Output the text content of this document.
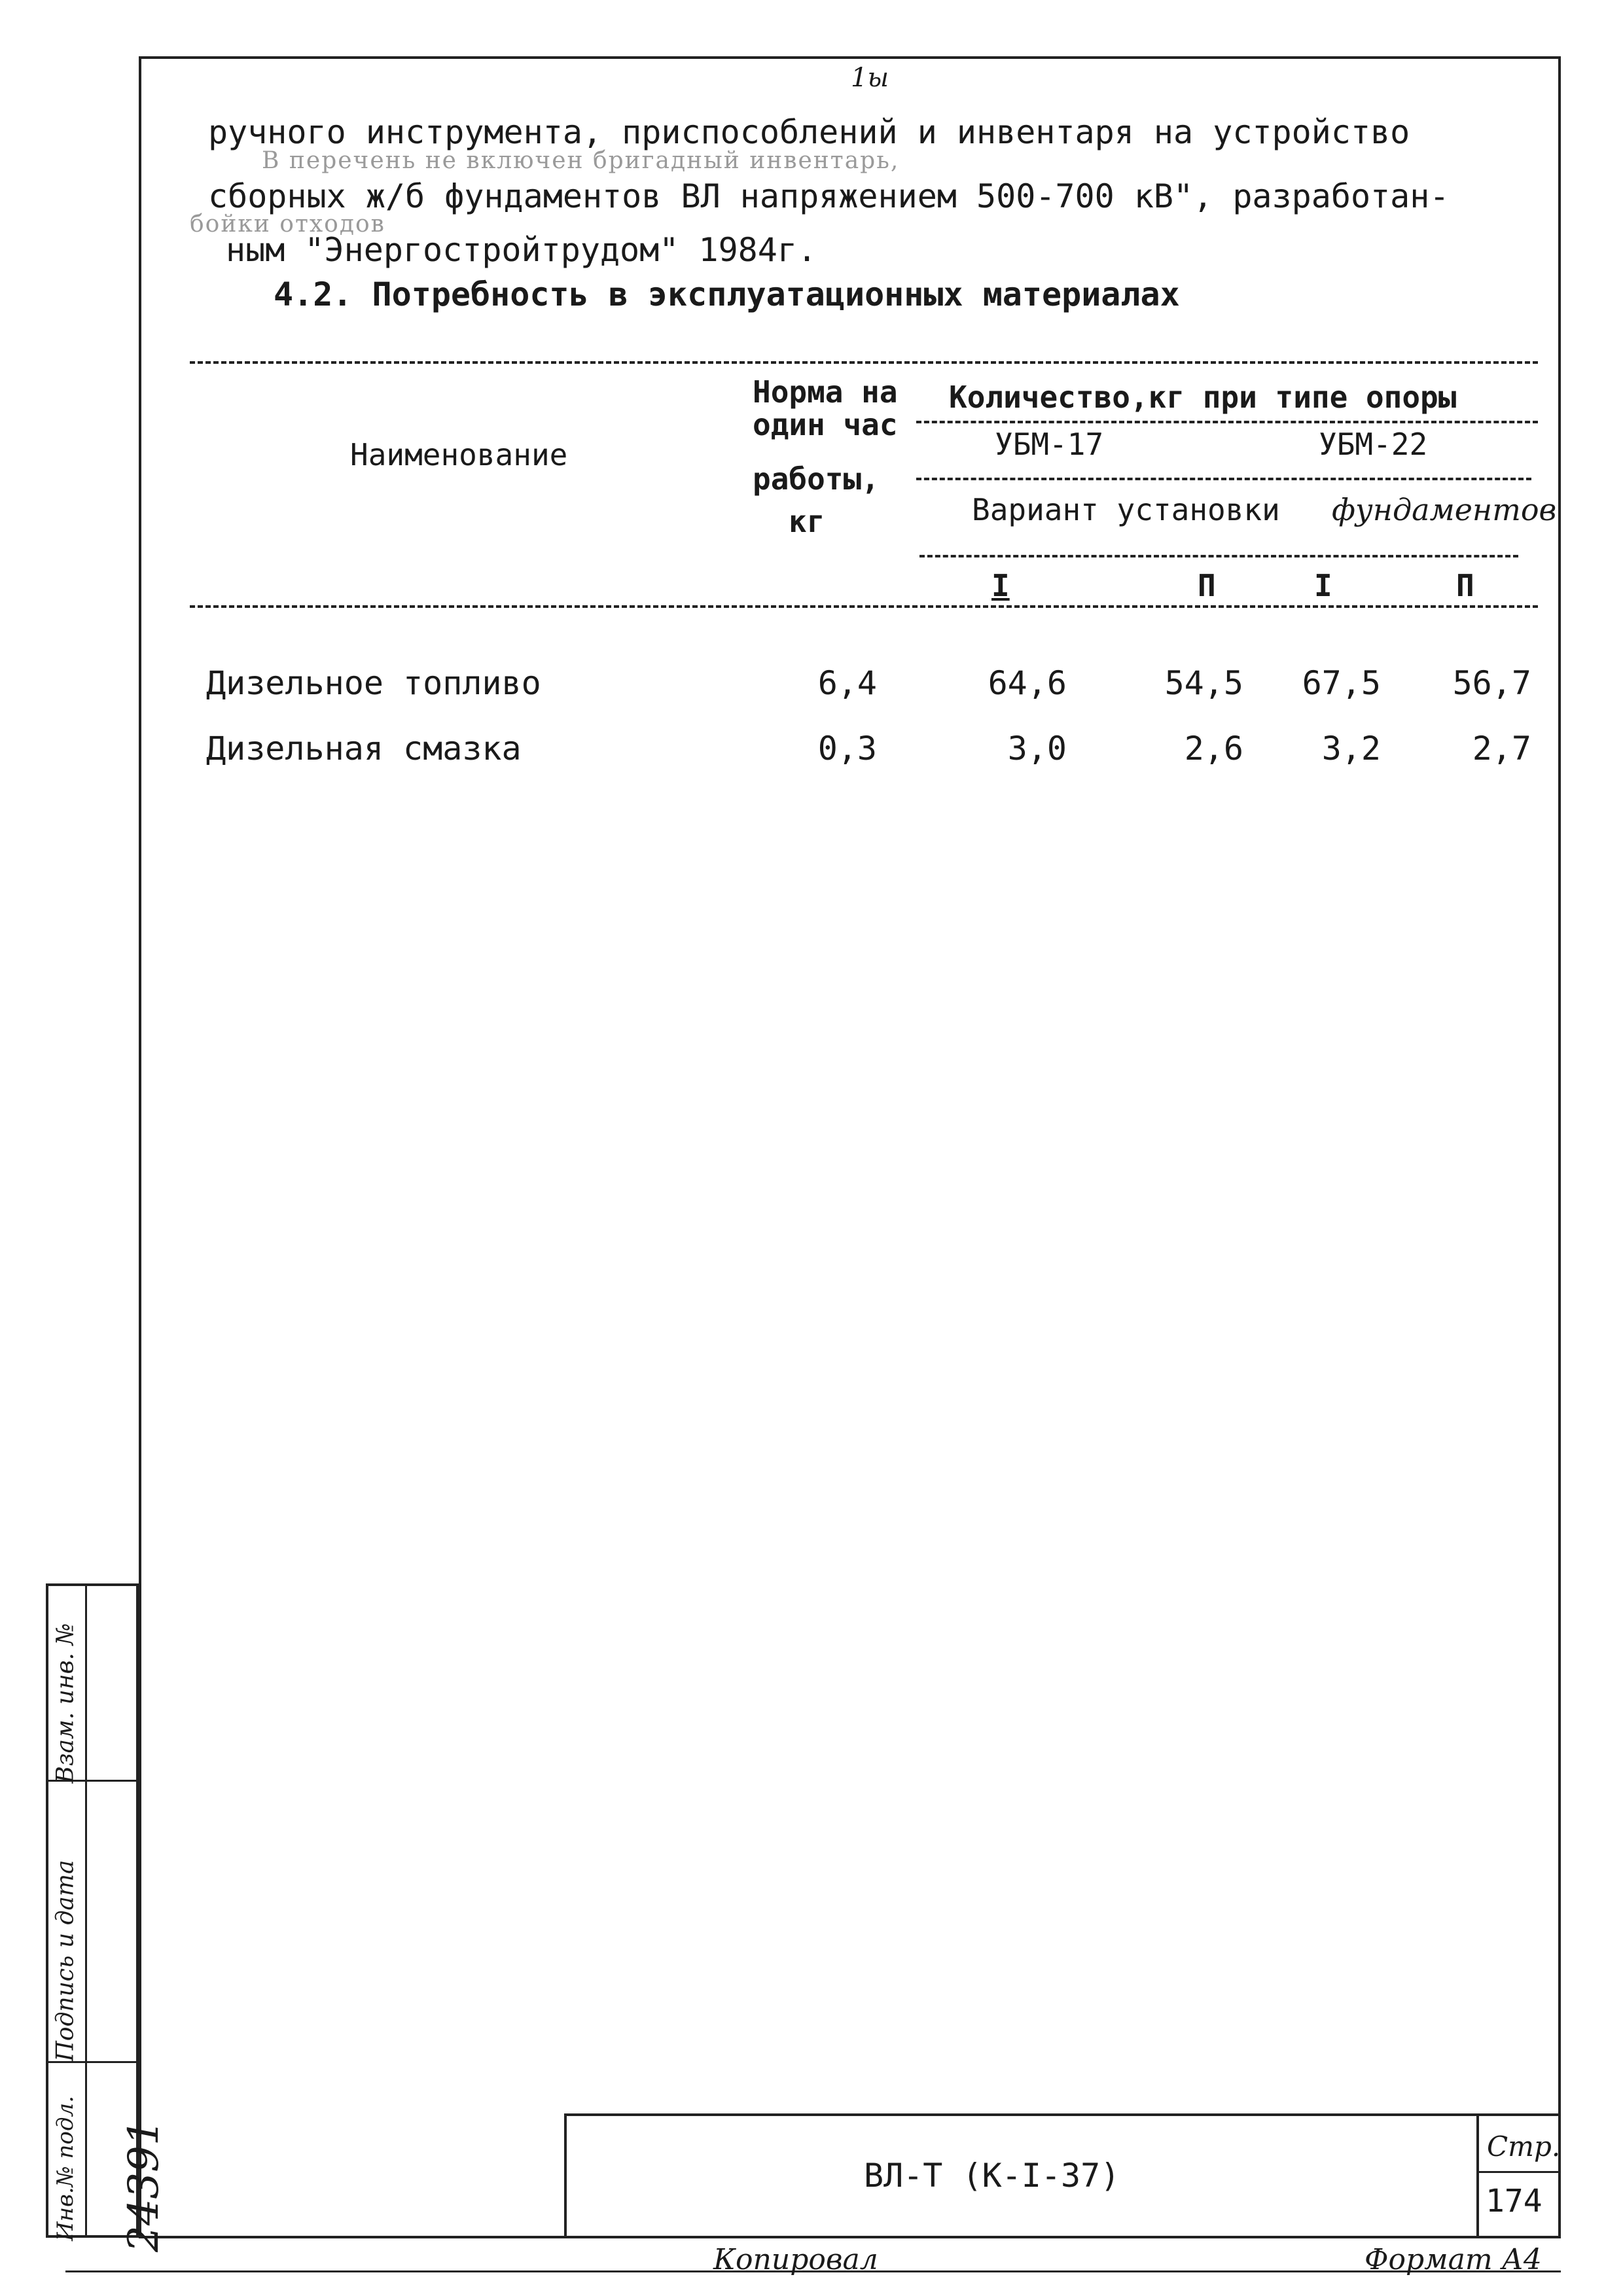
1ы
ручного инструмента, приспособлений и инвентаря на устройство
В перечень не включен бригадный инвентарь,
сборных ж/б фундаментов ВЛ напряжением 500-700 кВ", разработан-
бойки отходов
ным "Энергостройтрудом" 1984г.
4.2. Потребность в эксплуатационных материалах
Наименование
Норма на
один час
работы,
кг
Количество,кг при типе опоры
УБМ-17	УБМ-22
Вариант установки фундаментов
I	П	I	П
Дизельное топливо	6,4	64,6	54,5	67,5	56,7
Дизельная смазка	0,3	3,0	2,6	3,2	2,7
Взам. инв. №
Подпись и дата
Инв.№ подл. 24391	ВЛ-Т (К-I-37)
Стр.
174
Копировал	Формат А4
